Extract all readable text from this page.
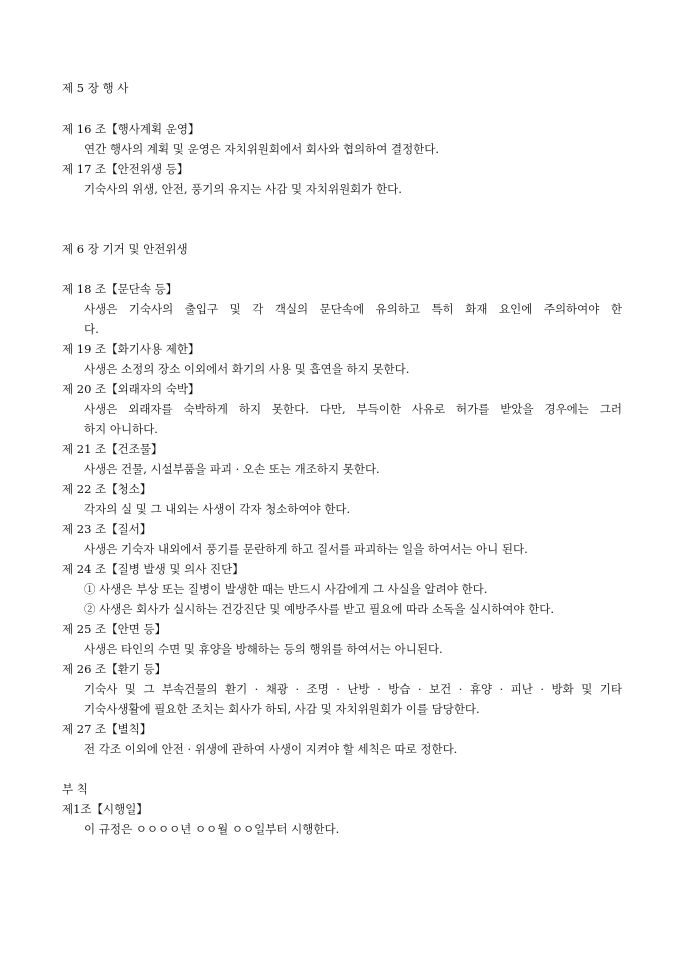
제 5 장 행 사
제 16 조【행사계획 운영】
연간 행사의 계획 및 운영은 자치위원회에서 회사와 협의하여 결정한다.
제 17 조【안전위생 등】
기숙사의 위생, 안전, 풍기의 유지는 사감 및 자치위원회가 한다.
제 6 장 기거 및 안전위생
제 18 조【문단속 등】
사생은 기숙사의 출입구 및 각 객실의 문단속에 유의하고 특히 화재 요인에 주의하여야 한
다.
제 19 조【화기사용 제한】
사생은 소정의 장소 이외에서 화기의 사용 및 흡연을 하지 못한다.
제 20 조【외래자의 숙박】
사생은 외래자를 숙박하게 하지 못한다. 다만, 부득이한 사유로 허가를 받았을 경우에는 그러
하지 아니하다.
제 21 조【건조물】
사생은 건물, 시설부품을 파괴 · 오손 또는 개조하지 못한다.
제 22 조【청소】
각자의 실 및 그 내외는 사생이 각자 청소하여야 한다.
제 23 조【질서】
사생은 기숙자 내외에서 풍기를 문란하게 하고 질서를 파괴하는 일을 하여서는 아니 된다.
제 24 조【질병 발생 및 의사 진단】
① 사생은 부상 또는 질병이 발생한 때는 반드시 사감에게 그 사실을 알려야 한다.
② 사생은 회사가 실시하는 건강진단 및 예방주사를 받고 필요에 따라 소독을 실시하여야 한다.
제 25 조【안면 등】
사생은 타인의 수면 및 휴양을 방해하는 등의 행위를 하여서는 아니된다.
제 26 조【환기 등】
기숙사 및 그 부속건물의 환기 · 채광 · 조명 · 난방 · 방습 · 보건 · 휴양 · 피난 · 방화 및 기타
기숙사생활에 필요한 조치는 회사가 하되, 사감 및 자치위원회가 이를 담당한다.
제 27 조【별칙】
전 각조 이외에 안전 · 위생에 관하여 사생이 지켜야 할 세칙은 따로 정한다.
부 칙
제1조【시행일】
이 규정은 ㅇㅇㅇㅇ년 ㅇㅇ월 ㅇㅇ일부터 시행한다.
